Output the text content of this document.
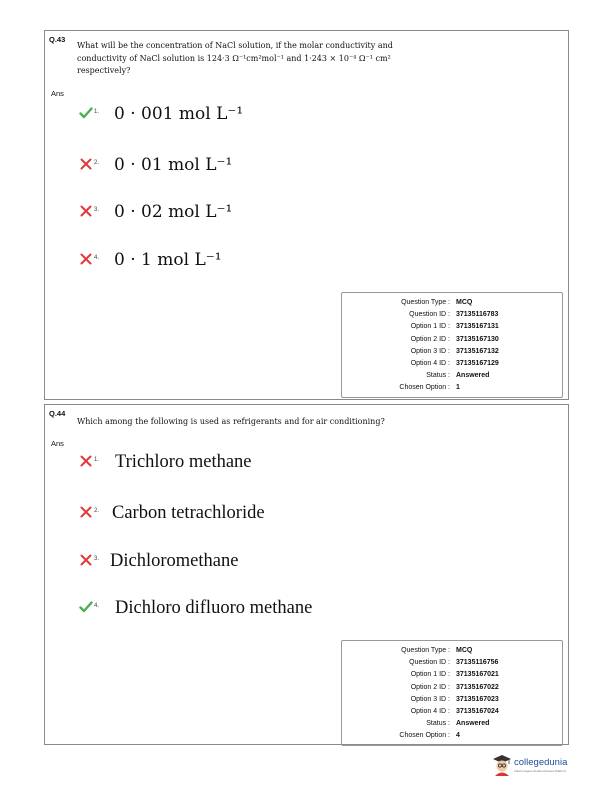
Q.43
What will be the concentration of NaCl solution, if the molar conductivity and
conductivity of NaCl solution is 124·3 Ω⁻¹cm²mol⁻¹ and 1·243 × 10⁻⁴ Ω⁻¹ cm²
respectively?
Ans
1. 0 · 001 mol L⁻¹
2. 0 · 01 mol L⁻¹
3. 0 · 02 mol L⁻¹
4. 0 · 1 mol L⁻¹
Question Type : MCQ
Question ID : 37135116783
Option 1 ID : 37135167131
Option 2 ID : 37135167130
Option 3 ID : 37135167132
Option 4 ID : 37135167129
Status : Answered
Chosen Option : 1
Q.44
Which among the following is used as refrigerants and for air conditioning?
Ans
1. Trichloro methane
2. Carbon tetrachloride
3. Dichloromethane
4. Dichloro difluoro methane
Question Type : MCQ
Question ID : 37135116756
Option 1 ID : 37135167021
Option 2 ID : 37135167022
Option 3 ID : 37135167023
Option 4 ID : 37135167024
Status : Answered
Chosen Option : 4
collegedunia
India's largest Student Review Platform
